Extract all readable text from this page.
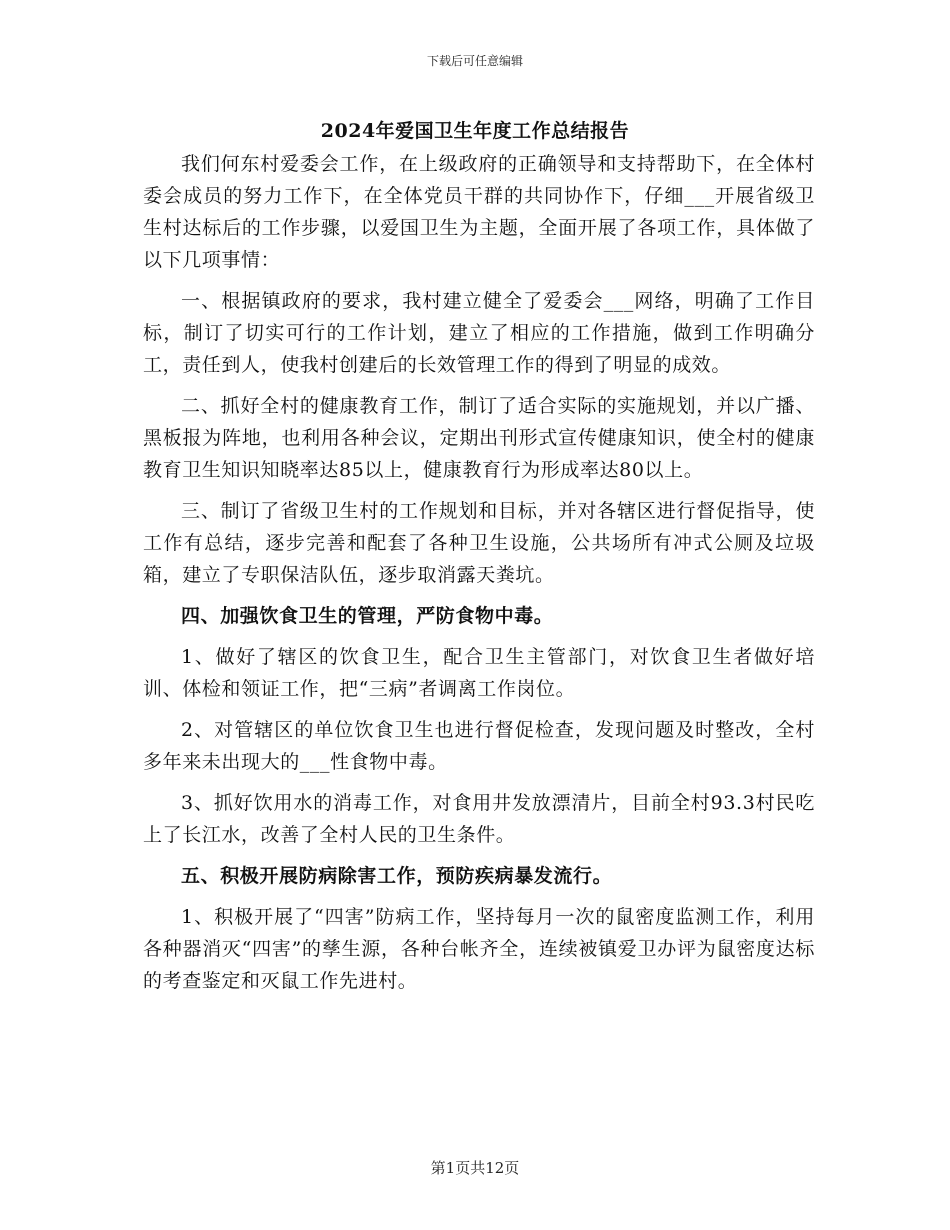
下载后可任意编辑
2024年爱国卫生年度工作总结报告

我们何东村爱委会工作，在上级政府的正确领导和支持帮助下，在全体村委会成员的努力工作下，在全体党员干群的共同协作下，仔细___开展省级卫生村达标后的工作步骤，以爱国卫生为主题，全面开展了各项工作，具体做了以下几项事情：

一、根据镇政府的要求，我村建立健全了爱委会___网络，明确了工作目标，制订了切实可行的工作计划，建立了相应的工作措施，做到工作明确分工，责任到人，使我村创建后的长效管理工作的得到了明显的成效。

二、抓好全村的健康教育工作，制订了适合实际的实施规划，并以广播、黑板报为阵地，也利用各种会议，定期出刊形式宣传健康知识，使全村的健康教育卫生知识知晓率达85以上，健康教育行为形成率达80以上。

三、制订了省级卫生村的工作规划和目标，并对各辖区进行督促指导，使工作有总结，逐步完善和配套了各种卫生设施，公共场所有冲式公厕及垃圾箱，建立了专职保洁队伍，逐步取消露天粪坑。

四、加强饮食卫生的管理，严防食物中毒。

1、做好了辖区的饮食卫生，配合卫生主管部门，对饮食卫生者做好培训、体检和领证工作，把“三病”者调离工作岗位。

2、对管辖区的单位饮食卫生也进行督促检查，发现问题及时整改，全村多年来未出现大的___性食物中毒。

3、抓好饮用水的消毒工作，对食用井发放漂清片，目前全村93.3村民吃上了长江水，改善了全村人民的卫生条件。

五、积极开展防病除害工作，预防疾病暴发流行。

1、积极开展了“四害”防病工作，坚持每月一次的鼠密度监测工作，利用各种器消灭“四害”的孳生源，各种台帐齐全，连续被镇爱卫办评为鼠密度达标的考查鉴定和灭鼠工作先进村。

第1页共12页
